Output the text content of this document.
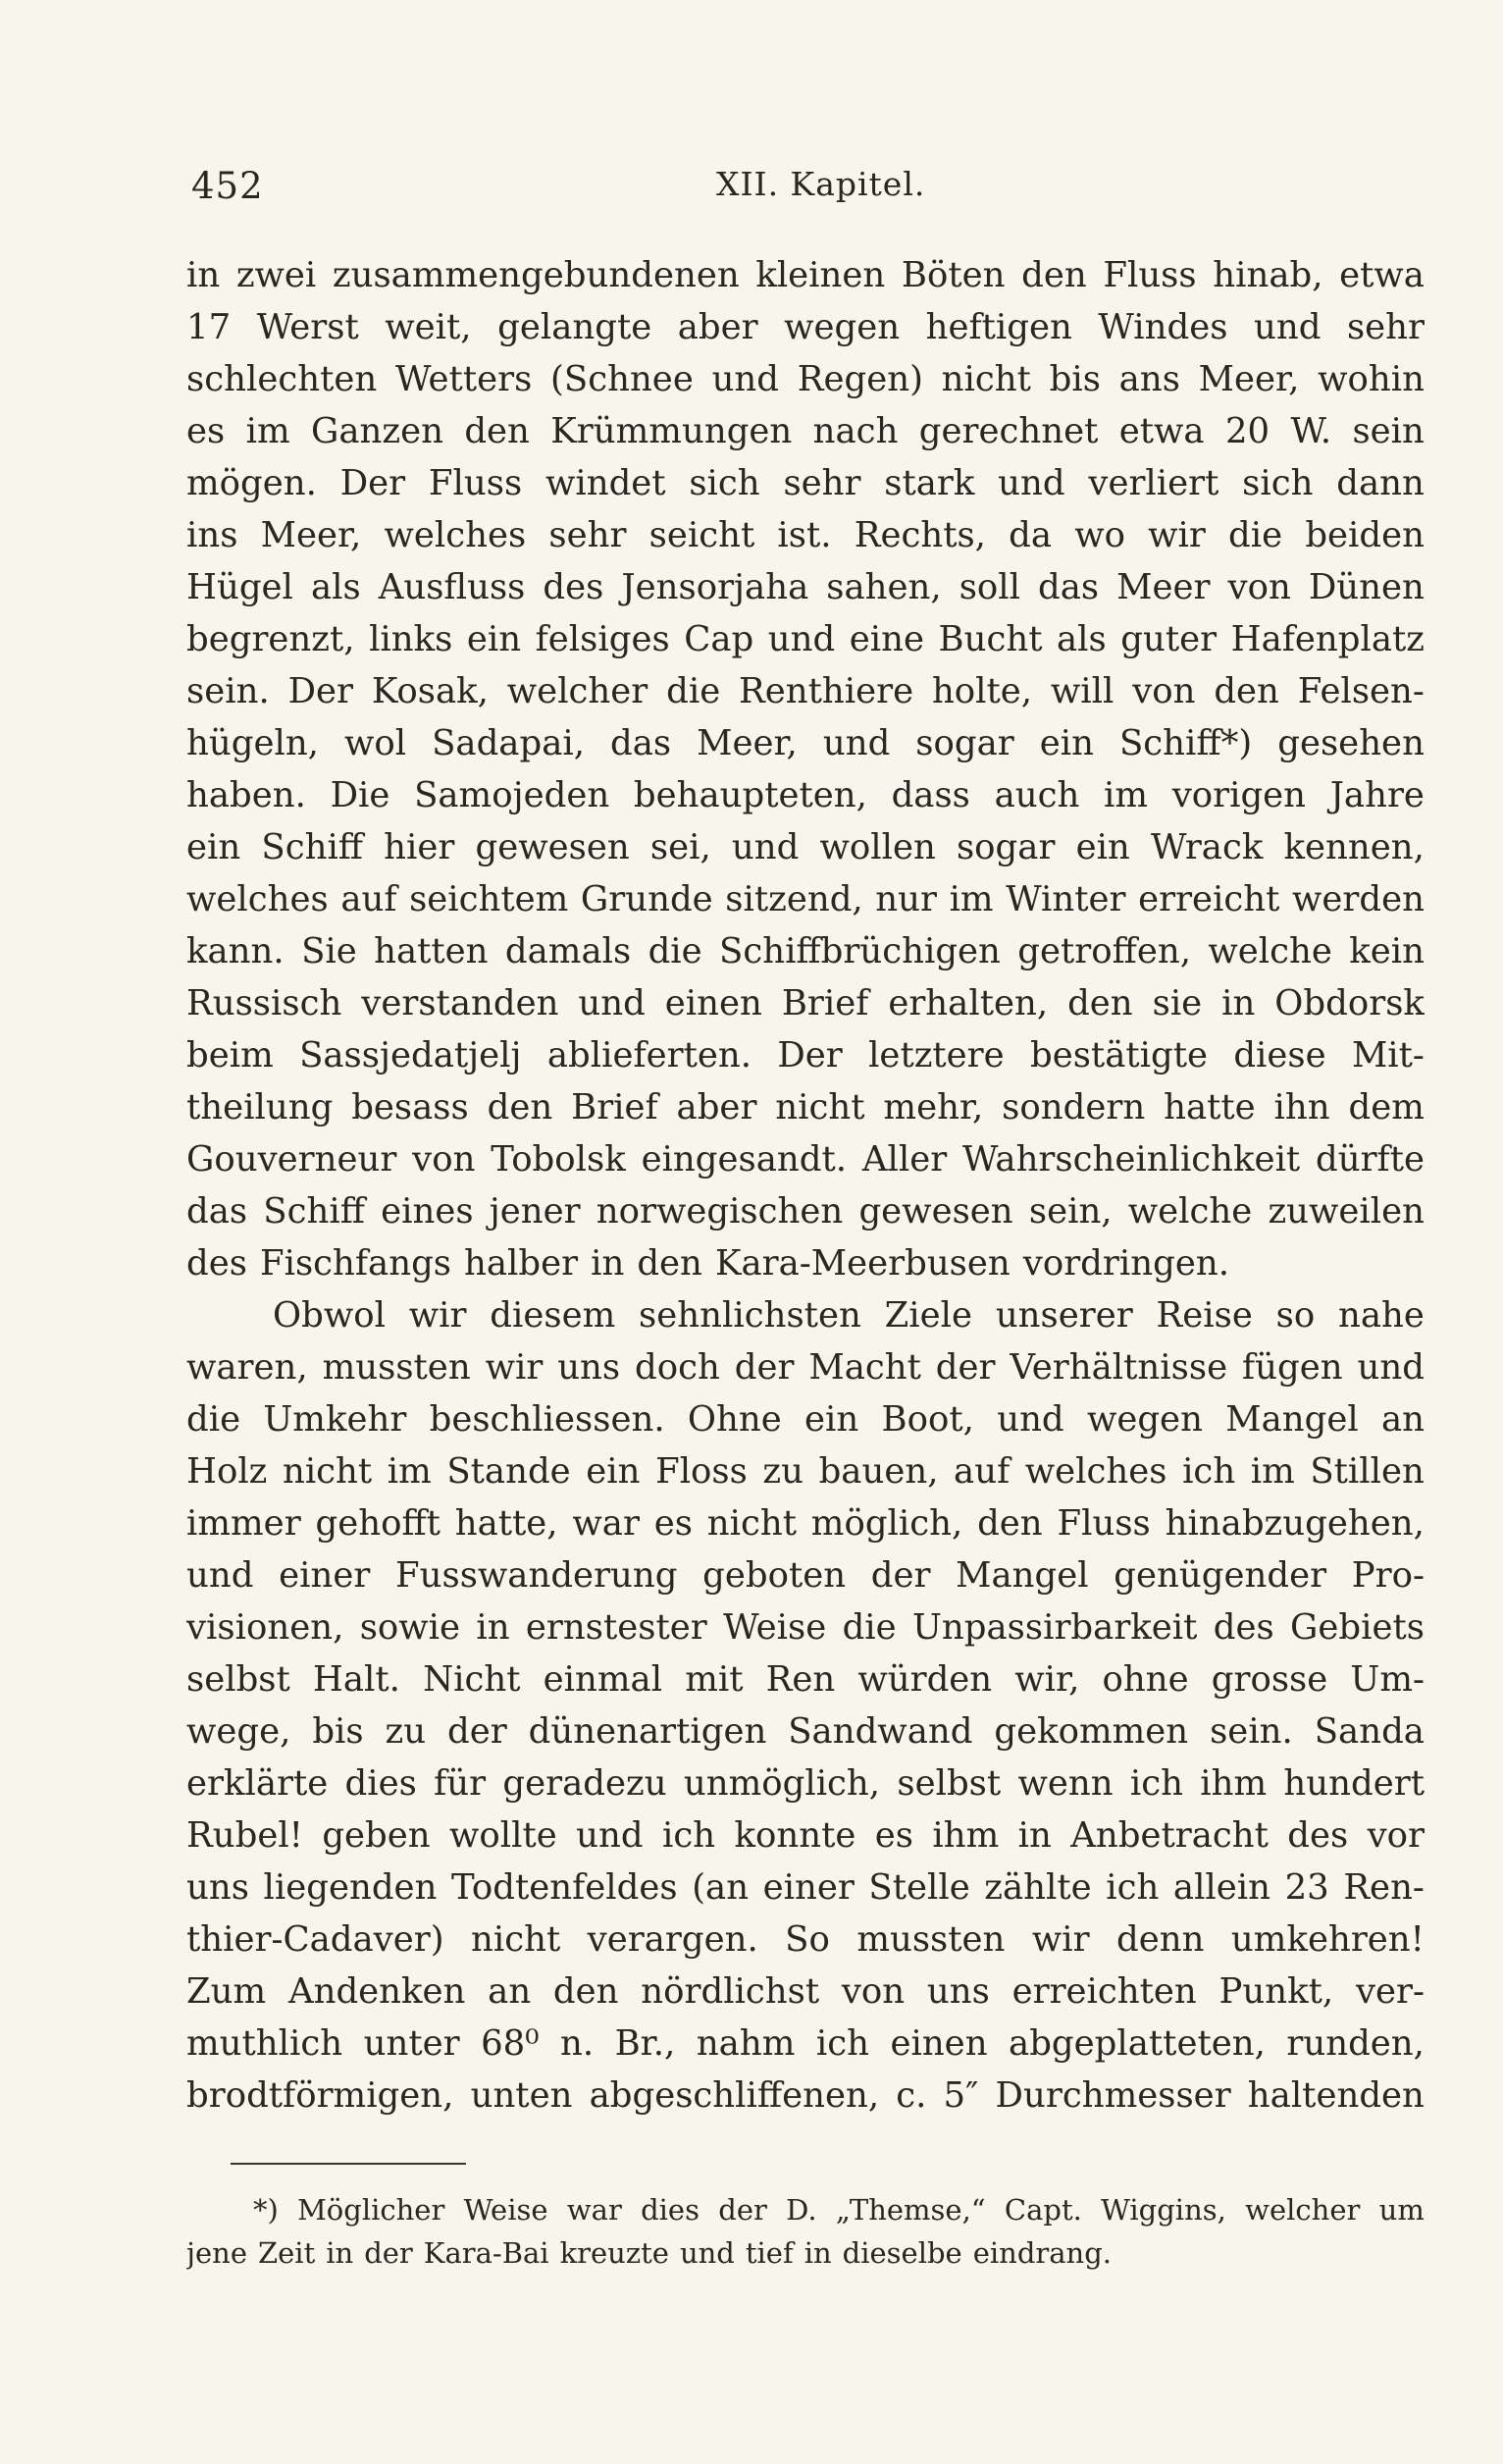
452	XII. Kapitel.
in zwei zusammengebundenen kleinen Böten den Fluss hinab, etwa
17 Werst weit, gelangte aber wegen heftigen Windes und sehr
schlechten Wetters (Schnee und Regen) nicht bis ans Meer, wohin
es im Ganzen den Krümmungen nach gerechnet etwa 20 W. sein
mögen. Der Fluss windet sich sehr stark und verliert sich dann
ins Meer, welches sehr seicht ist. Rechts, da wo wir die beiden
Hügel als Ausfluss des Jensorjaha sahen, soll das Meer von Dünen
begrenzt, links ein felsiges Cap und eine Bucht als guter Hafenplatz
sein. Der Kosak, welcher die Renthiere holte, will von den Felsen-
hügeln, wol Sadapai, das Meer, und sogar ein Schiff*) gesehen
haben. Die Samojeden behaupteten, dass auch im vorigen Jahre
ein Schiff hier gewesen sei, und wollen sogar ein Wrack kennen,
welches auf seichtem Grunde sitzend, nur im Winter erreicht werden
kann. Sie hatten damals die Schiffbrüchigen getroffen, welche kein
Russisch verstanden und einen Brief erhalten, den sie in Obdorsk
beim Sassjedatjelj ablieferten. Der letztere bestätigte diese Mit-
theilung besass den Brief aber nicht mehr, sondern hatte ihn dem
Gouverneur von Tobolsk eingesandt. Aller Wahrscheinlichkeit dürfte
das Schiff eines jener norwegischen gewesen sein, welche zuweilen
des Fischfangs halber in den Kara-Meerbusen vordringen.
Obwol wir diesem sehnlichsten Ziele unserer Reise so nahe
waren, mussten wir uns doch der Macht der Verhältnisse fügen und
die Umkehr beschliessen. Ohne ein Boot, und wegen Mangel an
Holz nicht im Stande ein Floss zu bauen, auf welches ich im Stillen
immer gehofft hatte, war es nicht möglich, den Fluss hinabzugehen,
und einer Fusswanderung geboten der Mangel genügender Pro-
visionen, sowie in ernstester Weise die Unpassirbarkeit des Gebiets
selbst Halt. Nicht einmal mit Ren würden wir, ohne grosse Um-
wege, bis zu der dünenartigen Sandwand gekommen sein. Sanda
erklärte dies für geradezu unmöglich, selbst wenn ich ihm hundert
Rubel! geben wollte und ich konnte es ihm in Anbetracht des vor
uns liegenden Todtenfeldes (an einer Stelle zählte ich allein 23 Ren-
thier-Cadaver) nicht verargen. So mussten wir denn umkehren!
Zum Andenken an den nördlichst von uns erreichten Punkt, ver-
muthlich unter 68⁰ n. Br., nahm ich einen abgeplatteten, runden,
brodtförmigen, unten abgeschliffenen, c. 5″ Durchmesser haltenden
*) Möglicher Weise war dies der D. „Themse,“ Capt. Wiggins, welcher um
jene Zeit in der Kara-Bai kreuzte und tief in dieselbe eindrang.
